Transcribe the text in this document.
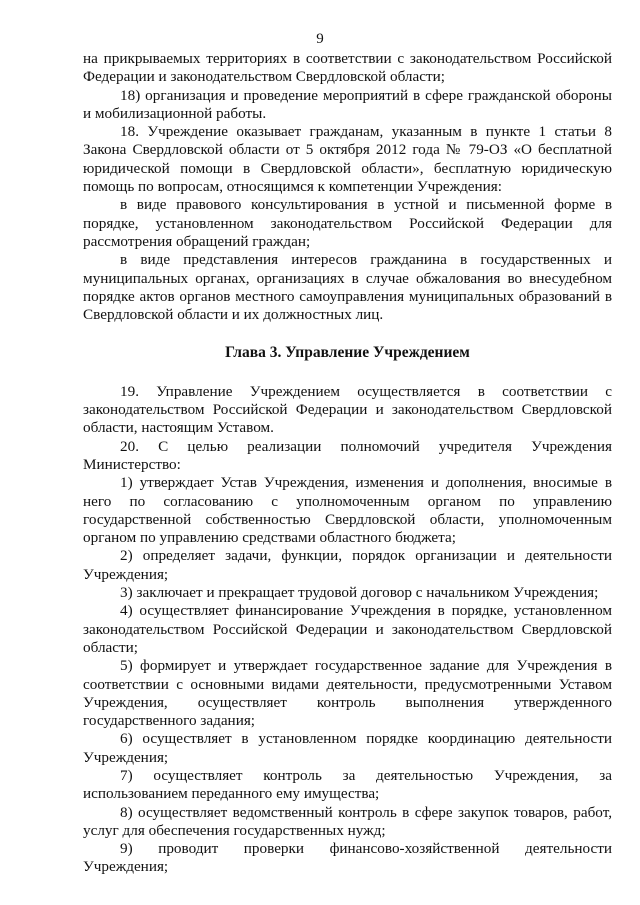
9

на прикрываемых территориях в соответствии с законодательством Российской Федерации и законодательством Свердловской области;

18) организация и проведение мероприятий в сфере гражданской обороны и мобилизационной работы.

18. Учреждение оказывает гражданам, указанным в пункте 1 статьи 8 Закона Свердловской области от 5 октября 2012 года № 79-ОЗ «О бесплатной юридической помощи в Свердловской области», бесплатную юридическую помощь по вопросам, относящимся к компетенции Учреждения:

в виде правового консультирования в устной и письменной форме в порядке, установленном законодательством Российской Федерации для рассмотрения обращений граждан;

в виде представления интересов гражданина в государственных и муниципальных органах, организациях в случае обжалования во внесудебном порядке актов органов местного самоуправления муниципальных образований в Свердловской области и их должностных лиц.

Глава 3. Управление Учреждением

19. Управление Учреждением осуществляется в соответствии с законодательством Российской Федерации и законодательством Свердловской области, настоящим Уставом.

20. С целью реализации полномочий учредителя Учреждения Министерство:

1) утверждает Устав Учреждения, изменения и дополнения, вносимые в него по согласованию с уполномоченным органом по управлению государственной собственностью Свердловской области, уполномоченным органом по управлению средствами областного бюджета;

2) определяет задачи, функции, порядок организации и деятельности Учреждения;

3) заключает и прекращает трудовой договор с начальником Учреждения;

4) осуществляет финансирование Учреждения в порядке, установленном законодательством Российской Федерации и законодательством Свердловской области;

5) формирует и утверждает государственное задание для Учреждения в соответствии с основными видами деятельности, предусмотренными Уставом Учреждения, осуществляет контроль выполнения утвержденного государственного задания;

6) осуществляет в установленном порядке координацию деятельности Учреждения;

7) осуществляет контроль за деятельностью Учреждения, за использованием переданного ему имущества;

8) осуществляет ведомственный контроль в сфере закупок товаров, работ, услуг для обеспечения государственных нужд;

9) проводит проверки финансово-хозяйственной деятельности Учреждения;
